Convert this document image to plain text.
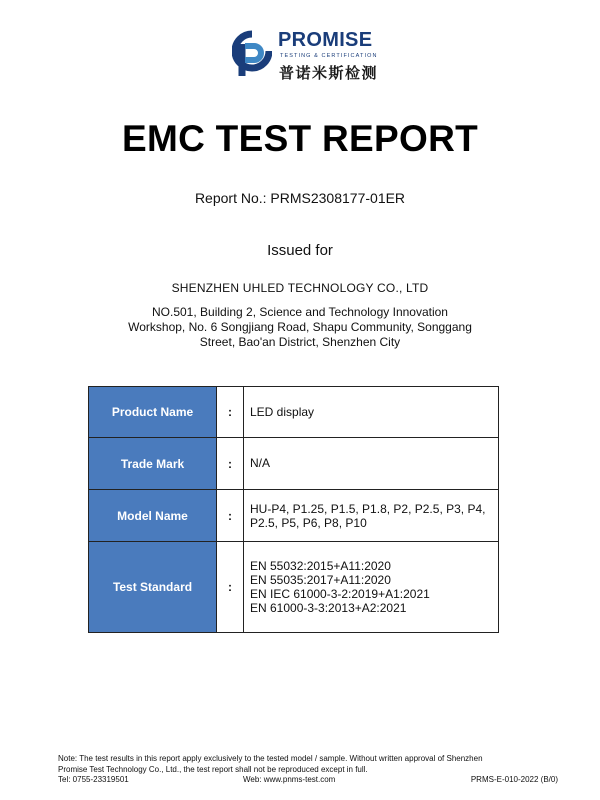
PROMISE
TESTING & CERTIFICATION
普诺米斯检测
EMC TEST REPORT
Report No.: PRMS2308177-01ER
Issued for
SHENZHEN UHLED TECHNOLOGY CO., LTD
NO.501, Building 2, Science and Technology Innovation
Workshop, No. 6 Songjiang Road, Shapu Community, Songgang
Street, Bao'an District, Shenzhen City
Product Name	:	LED display
Trade Mark	:	N/A
Model Name	:	HU-P4, P1.25, P1.5, P1.8, P2, P2.5, P3, P4, P2.5, P5, P6, P8, P10
Test Standard	:	EN 55032:2015+A11:2020
EN 55035:2017+A11:2020
EN IEC 61000-3-2:2019+A1:2021
EN 61000-3-3:2013+A2:2021
Note: The test results in this report apply exclusively to the tested model / sample. Without written approval of Shenzhen
Promise Test Technology Co., Ltd., the test report shall not be reproduced except in full.
Tel: 0755-23319501	Web: www.pnms-test.com	PRMS-E-010-2022 (B/0)
